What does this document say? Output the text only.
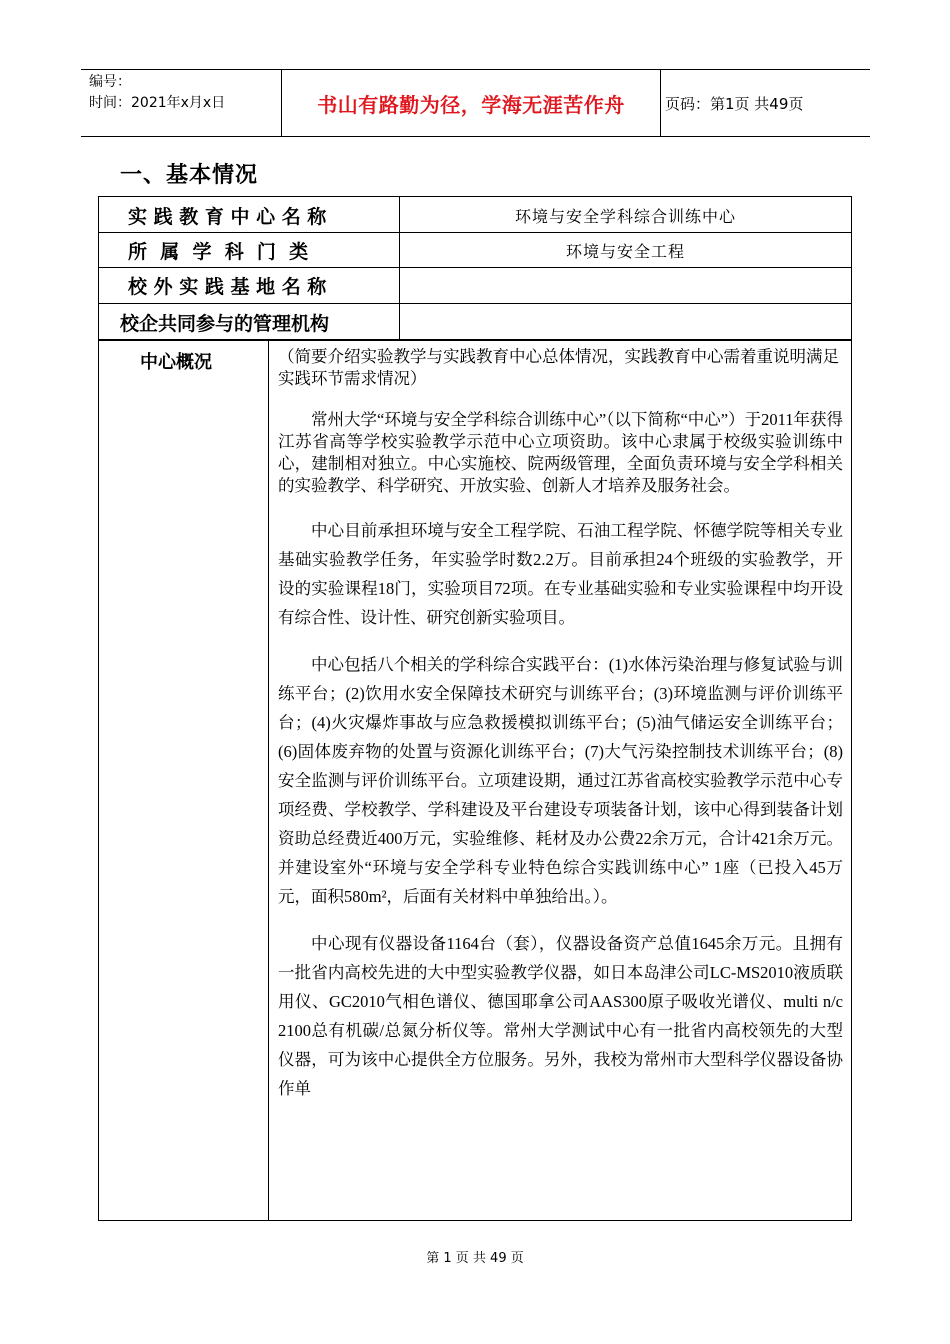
编号：
时间：2021年x月x日	书山有路勤为径，学海无涯苦作舟	页码：第1页 共49页
一、基本情况
实 践 教 育 中 心 名 称	环境与安全学科综合训练中心
所  属  学  科  门  类	环境与安全工程
校 外 实 践 基 地 名 称
校企共同参与的管理机构
中心概况	（简要介绍实验教学与实践教育中心总体情况，实践教育中心需着重说明满足实践环节需求情况）

常州大学“环境与安全学科综合训练中心”（以下简称“中心”）于2011年获得江苏省高等学校实验教学示范中心立项资助。该中心隶属于校级实验训练中心，建制相对独立。中心实施校、院两级管理，全面负责环境与安全学科相关的实验教学、科学研究、开放实验、创新人才培养及服务社会。

中心目前承担环境与安全工程学院、石油工程学院、怀德学院等相关专业基础实验教学任务，年实验学时数2.2万。目前承担24个班级的实验教学，开设的实验课程18门，实验项目72项。在专业基础实验和专业实验课程中均开设有综合性、设计性、研究创新实验项目。

中心包括八个相关的学科综合实践平台：(1)水体污染治理与修复试验与训练平台；(2)饮用水安全保障技术研究与训练平台；(3)环境监测与评价训练平台；(4)火灾爆炸事故与应急救援模拟训练平台；(5)油气储运安全训练平台；(6)固体废弃物的处置与资源化训练平台；(7)大气污染控制技术训练平台；(8)安全监测与评价训练平台。立项建设期，通过江苏省高校实验教学示范中心专项经费、学校教学、学科建设及平台建设专项装备计划，该中心得到装备计划资助总经费近400万元，实验维修、耗材及办公费22余万元，合计421余万元。并建设室外“环境与安全学科专业特色综合实践训练中心” 1座（已投入45万元，面积580m²，后面有关材料中单独给出。）。

中心现有仪器设备1164台（套），仪器设备资产总值1645余万元。且拥有一批省内高校先进的大中型实验教学仪器，如日本岛津公司LC-MS2010液质联用仪、GC2010气相色谱仪、德国耶拿公司AAS300原子吸收光谱仪、multi n/c 2100总有机碳/总氮分析仪等。常州大学测试中心有一批省内高校领先的大型仪器，可为该中心提供全方位服务。另外，我校为常州市大型科学仪器设备协作单

第 1 页 共 49 页
